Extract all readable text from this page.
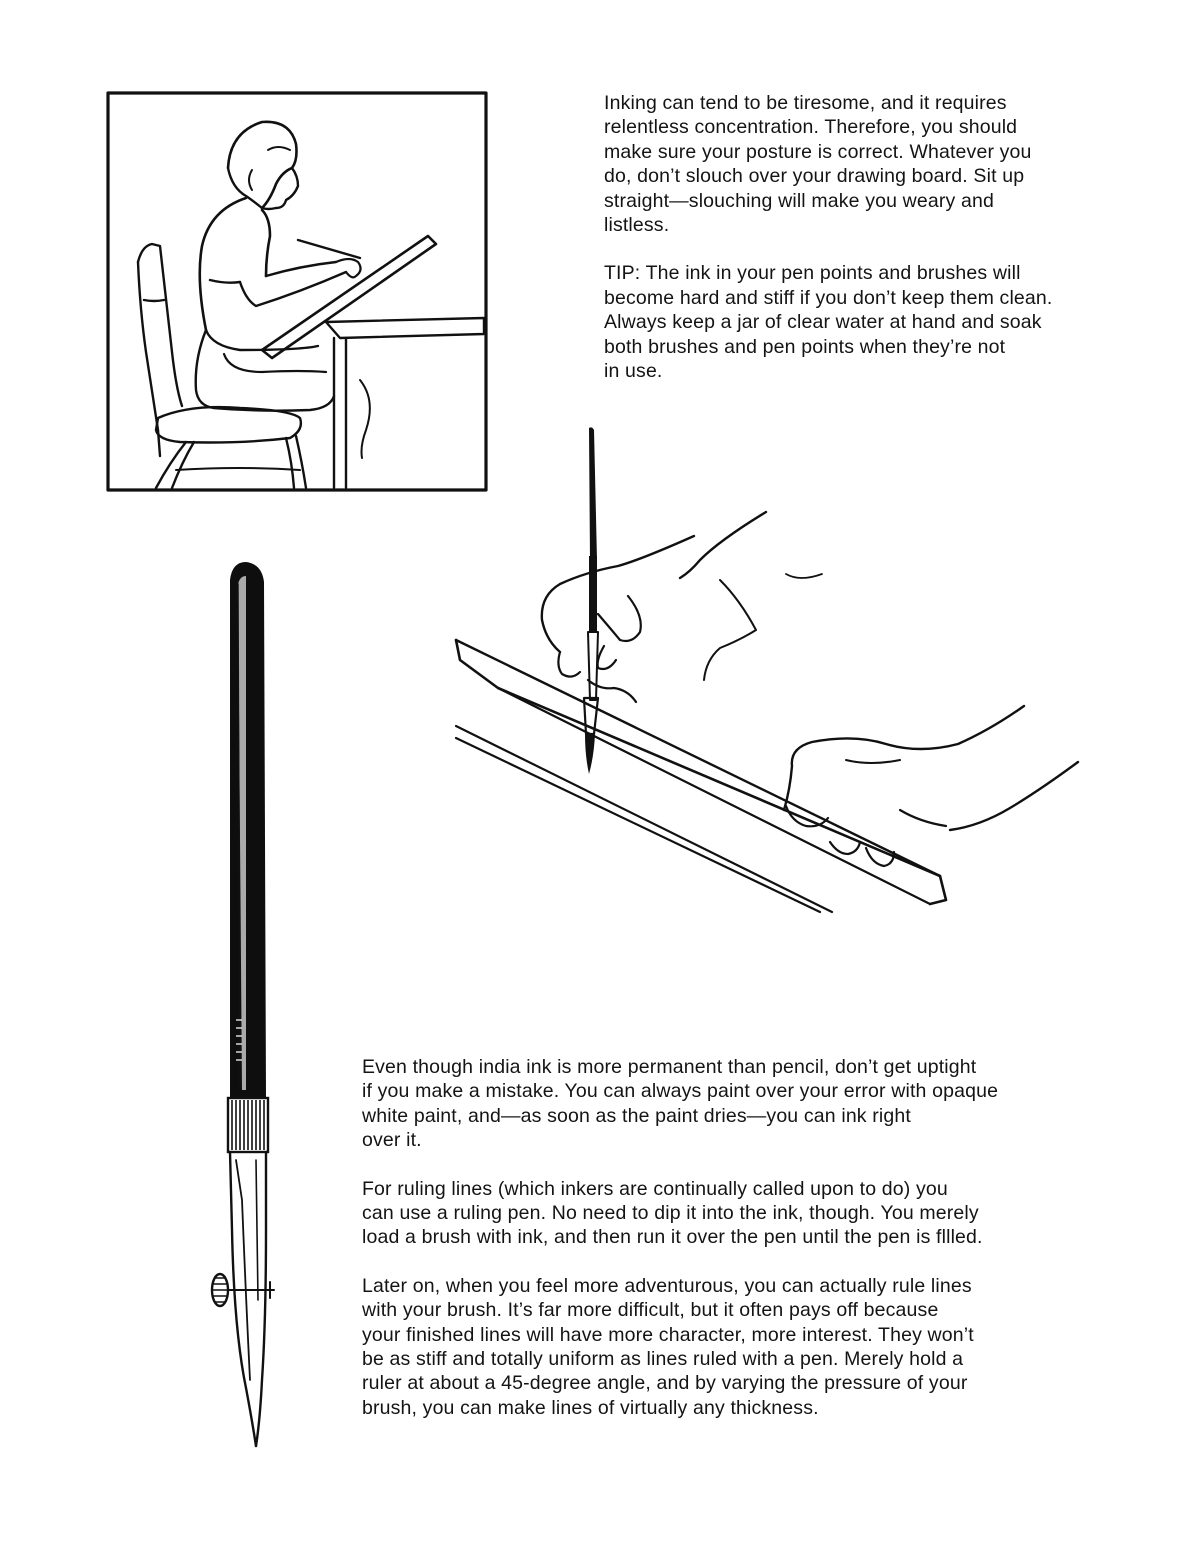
Inking can tend to be tiresome, and it requires
relentless concentration. Therefore, you should
make sure your posture is correct. Whatever you
do, don’t slouch over your drawing board. Sit up
straight—slouching will make you weary and
listless.

TIP: The ink in your pen points and brushes will
become hard and stiff if you don’t keep them clean.
Always keep a jar of clear water at hand and soak
both brushes and pen points when they’re not
in use.

Even though india ink is more permanent than pencil, don’t get uptight
if you make a mistake. You can always paint over your error with opaque
white paint, and—as soon as the paint dries—you can ink right
over it.

For ruling lines (which inkers are continually called upon to do) you
can use a ruling pen. No need to dip it into the ink, though. You merely
load a brush with ink, and then run it over the pen until the pen is fllled.

Later on, when you feel more adventurous, you can actually rule lines
with your brush. It’s far more difficult, but it often pays off because
your finished lines will have more character, more interest. They won’t
be as stiff and totally uniform as lines ruled with a pen. Merely hold a
ruler at about a 45-degree angle, and by varying the pressure of your
brush, you can make lines of virtually any thickness.
